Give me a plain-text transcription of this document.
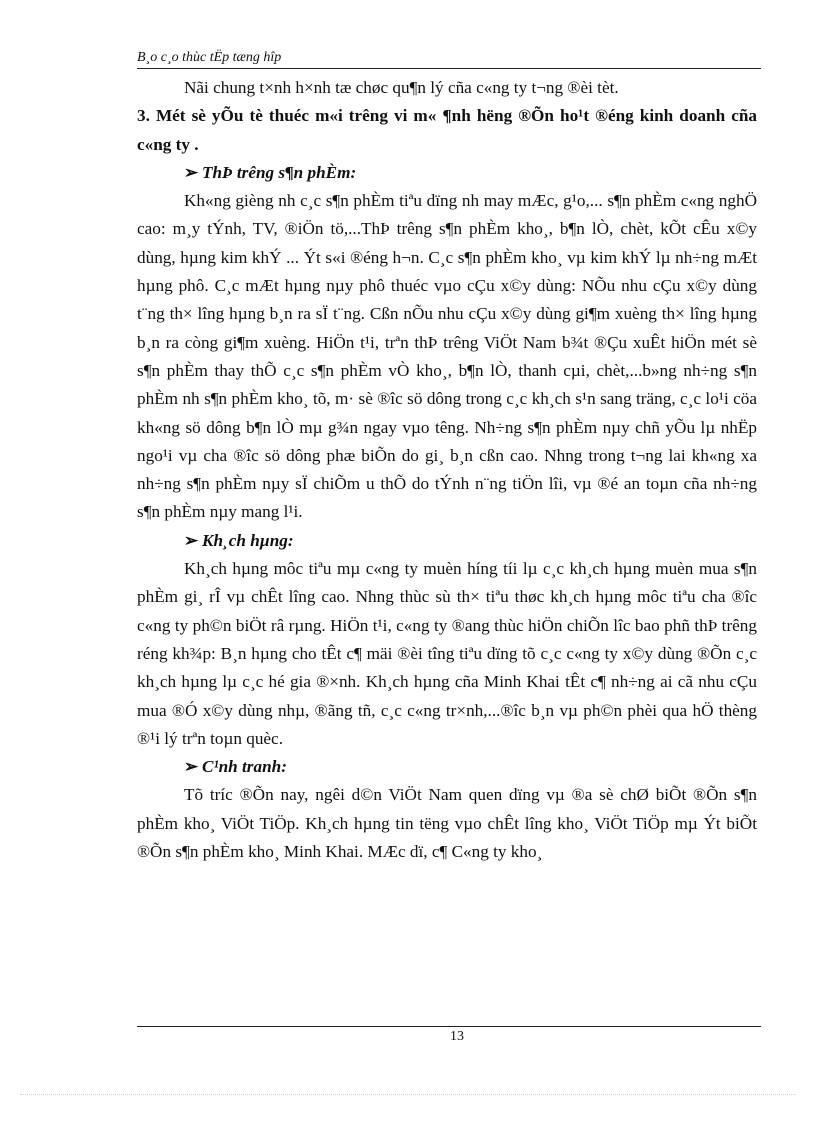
B¸o c¸o thùc tËp tæng hîp

Nãi chung t×nh h×nh tæ chøc qu¶n lý cña c«ng ty t¬ng ®èi tèt.

3. Mét sè yÕu tè thuéc m«i trêng vi m« ¶nh hëng ®Õn ho¹t ®éng kinh doanh cña c«ng ty .

➢ ThÞ trêng s¶n phÈm:

Kh«ng gièng nh c¸c s¶n phÈm tiªu dïng nh may mÆc, g¹o,... s¶n phÈm c«ng nghÖ cao: m¸y tÝnh, TV, ®iÖn tö,...ThÞ trêng s¶n phÈm kho¸, b¶n lÒ, chèt, kÕt cÊu x©y dùng, hµng kim khÝ ... Ýt s«i ®éng h¬n. C¸c s¶n phÈm kho¸ vµ kim khÝ lµ nh÷ng mÆt hµng phô. C¸c mÆt hµng nµy phô thuéc vµo cÇu x©y dùng: NÕu nhu cÇu x©y dùng t¨ng th× lîng hµng b¸n ra sÏ t¨ng. Cßn nÕu nhu cÇu x©y dùng gi¶m xuèng th× lîng hµng b¸n ra còng gi¶m xuèng. HiÖn t¹i, trªn thÞ trêng ViÖt Nam b¾t ®Çu xuÊt hiÖn mét sè s¶n phÈm thay thÕ c¸c s¶n phÈm vÒ kho¸, b¶n lÒ, thanh cµi, chèt,...b»ng nh÷ng s¶n phÈm nh s¶n phÈm kho¸ tõ, m· sè ®îc sö dông trong c¸c kh¸ch s¹n sang träng, c¸c lo¹i cöa kh«ng sö dông b¶n lÒ mµ g¾n ngay vµo têng. Nh÷ng s¶n phÈm nµy chñ yÕu lµ nhËp ngo¹i vµ cha ®îc sö dông phæ biÕn do gi¸ b¸n cßn cao. Nhng trong t¬ng lai kh«ng xa nh÷ng s¶n phÈm nµy sÏ chiÕm u thÕ do tÝnh n¨ng tiÖn lîi, vµ ®é an toµn cña nh÷ng s¶n phÈm nµy mang l¹i.

➢ Kh¸ch hµng:

Kh¸ch hµng môc tiªu mµ c«ng ty muèn híng tíi lµ c¸c kh¸ch hµng muèn mua s¶n phÈm gi¸ rÎ vµ chÊt lîng cao. Nhng thùc sù th× tiªu thøc kh¸ch hµng môc tiªu cha ®îc c«ng ty ph©n biÖt râ rµng. HiÖn t¹i, c«ng ty ®ang thùc hiÖn chiÕn lîc bao phñ thÞ trêng réng kh¾p: B¸n hµng cho tÊt c¶ mäi ®èi tîng tiªu dïng tõ c¸c c«ng ty x©y dùng ®Õn c¸c kh¸ch hµng lµ c¸c hé gia ®×nh. Kh¸ch hµng cña Minh Khai tÊt c¶ nh÷ng ai cã nhu cÇu mua ®Ó x©y dùng nhµ, ®ãng tñ, c¸c c«ng tr×nh,...®îc b¸n vµ ph©n phèi qua hÖ thèng ®¹i lý trªn toµn quèc.

➢ C¹nh tranh:

Tõ tríc ®Õn nay, ngêi d©n ViÖt Nam quen dïng vµ ®a sè chØ biÕt ®Õn s¶n phÈm kho¸ ViÖt TiÖp. Kh¸ch hµng tin tëng vµo chÊt lîng kho¸ ViÖt TiÖp mµ Ýt biÕt ®Õn s¶n phÈm kho¸ Minh Khai. MÆc dï, c¶ C«ng ty kho¸

13
